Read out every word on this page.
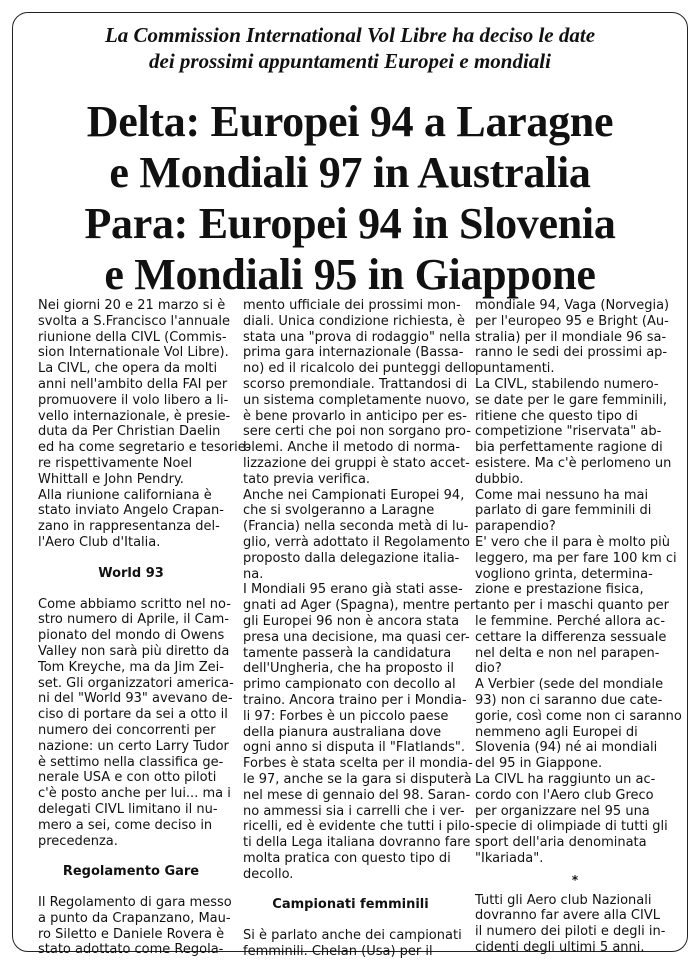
La Commission International Vol Libre ha deciso le date
dei prossimi appuntamenti Europei e mondiali
Delta: Europei 94 a Laragne
e Mondiali 97 in Australia
Para: Europei 94 in Slovenia
e Mondiali 95 in Giappone
Nei giorni 20 e 21 marzo si è
svolta a S.Francisco l'annuale
riunione della CIVL (Commis-
sion Internationale Vol Libre).
La CIVL, che opera da molti
anni nell'ambito della FAI per
promuovere il volo libero a li-
vello internazionale, è presie-
duta da Per Christian Daelin
ed ha come segretario e tesorie-
re rispettivamente Noel
Whittall e John Pendry.
Alla riunione californiana è
stato inviato Angelo Crapan-
zano in rappresentanza del-
l'Aero Club d'Italia.
World 93
Come abbiamo scritto nel no-
stro numero di Aprile, il Cam-
pionato del mondo di Owens
Valley non sarà più diretto da
Tom Kreyche, ma da Jim Zei-
set. Gli organizzatori america-
ni del "World 93" avevano de-
ciso di portare da sei a otto il
numero dei concorrenti per
nazione: un certo Larry Tudor
è settimo nella classifica ge-
nerale USA e con otto piloti
c'è posto anche per lui... ma i
delegati CIVL limitano il nu-
mero a sei, come deciso in
precedenza.
Regolamento Gare
Il Regolamento di gara messo
a punto da Crapanzano, Mau-
ro Siletto e Daniele Rovera è
stato adottato come Regola-
mento ufficiale dei prossimi mon-
diali. Unica condizione richiesta, è
stata una "prova di rodaggio" nella
prima gara internazionale (Bassa-
no) ed il ricalcolo dei punteggi dello
scorso premondiale. Trattandosi di
un sistema completamente nuovo,
è bene provarlo in anticipo per es-
sere certi che poi non sorgano pro-
blemi. Anche il metodo di norma-
lizzazione dei gruppi è stato accet-
tato previa verifica.
Anche nei Campionati Europei 94,
che si svolgeranno a Laragne
(Francia) nella seconda metà di lu-
glio, verrà adottato il Regolamento
proposto dalla delegazione italia-
na.
I Mondiali 95 erano già stati asse-
gnati ad Ager (Spagna), mentre per
gli Europei 96 non è ancora stata
presa una decisione, ma quasi cer-
tamente passerà la candidatura
dell'Ungheria, che ha proposto il
primo campionato con decollo al
traino. Ancora traino per i Mondia-
li 97: Forbes è un piccolo paese
della pianura australiana dove
ogni anno si disputa il "Flatlands".
Forbes è stata scelta per il mondia-
le 97, anche se la gara si disputerà
nel mese di gennaio del 98. Saran-
no ammessi sia i carrelli che i ver-
ricelli, ed è evidente che tutti i pilo-
ti della Lega italiana dovranno fare
molta pratica con questo tipo di
decollo.
Campionati femminili
Si è parlato anche dei campionati
femminili. Chelan (Usa) per il
mondiale 94, Vaga (Norvegia)
per l'europeo 95 e Bright (Au-
stralia) per il mondiale 96 sa-
ranno le sedi dei prossimi ap-
puntamenti.
La CIVL, stabilendo numero-
se date per le gare femminili,
ritiene che questo tipo di
competizione "riservata" ab-
bia perfettamente ragione di
esistere. Ma c'è perlomeno un
dubbio.
Come mai nessuno ha mai
parlato di gare femminili di
parapendio?
E' vero che il para è molto più
leggero, ma per fare 100 km ci
vogliono grinta, determina-
zione e prestazione fisica,
tanto per i maschi quanto per
le femmine. Perché allora ac-
cettare la differenza sessuale
nel delta e non nel parapen-
dio?
A Verbier (sede del mondiale
93) non ci saranno due cate-
gorie, così come non ci saranno
nemmeno agli Europei di
Slovenia (94) né ai mondiali
del 95 in Giappone.
La CIVL ha raggiunto un ac-
cordo con l'Aero club Greco
per organizzare nel 95 una
specie di olimpiade di tutti gli
sport dell'aria denominata
"Ikariada".
*
Tutti gli Aero club Nazionali
dovranno far avere alla CIVL
il numero dei piloti e degli in-
cidenti degli ultimi 5 anni.
